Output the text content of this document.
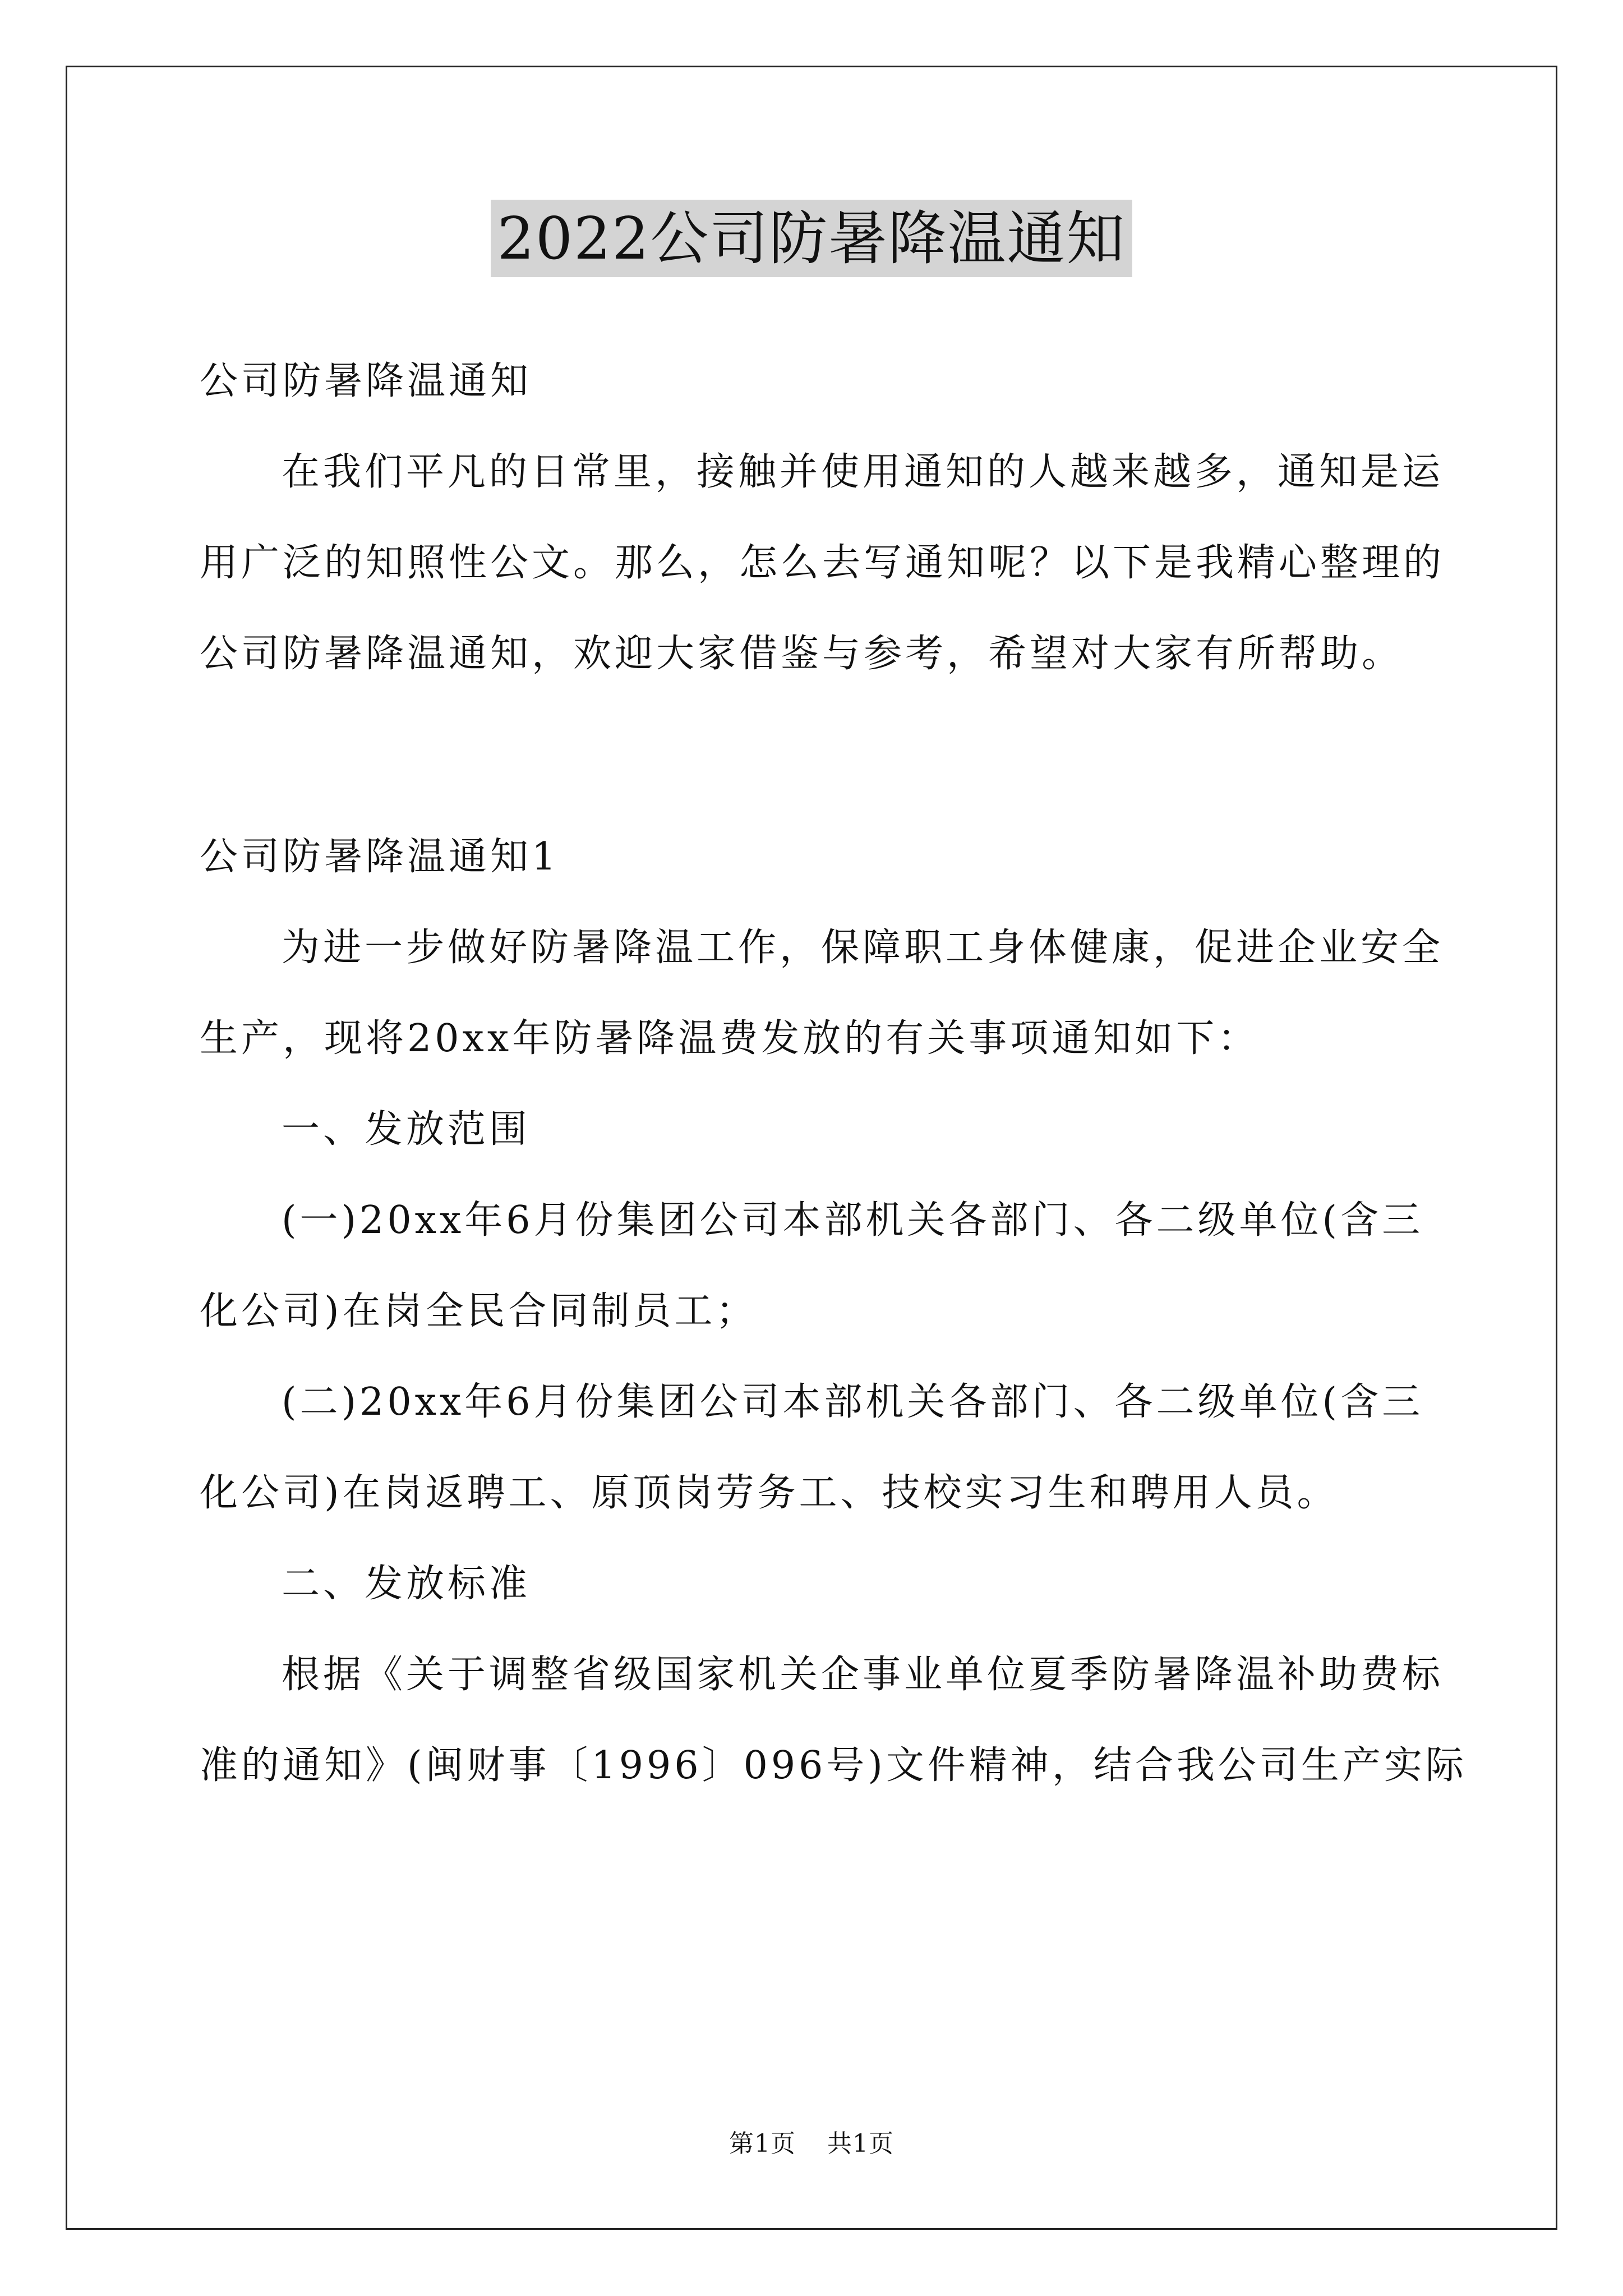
2022公司防暑降温通知

公司防暑降温通知

在我们平凡的日常里，接触并使用通知的人越来越多，通知是运

用广泛的知照性公文。那么，怎么去写通知呢？以下是我精心整理的

公司防暑降温通知，欢迎大家借鉴与参考，希望对大家有所帮助。

公司防暑降温通知1

为进一步做好防暑降温工作，保障职工身体健康，促进企业安全

生产，现将20xx年防暑降温费发放的有关事项通知如下：

一、发放范围

(一)20xx年6月份集团公司本部机关各部门、各二级单位(含三

化公司)在岗全民合同制员工；

(二)20xx年6月份集团公司本部机关各部门、各二级单位(含三

化公司)在岗返聘工、原顶岗劳务工、技校实习生和聘用人员。

二、发放标准

根据《关于调整省级国家机关企事业单位夏季防暑降温补助费标

准的通知》(闽财事〔1996〕096号)文件精神，结合我公司生产实际

第1页 共1页
